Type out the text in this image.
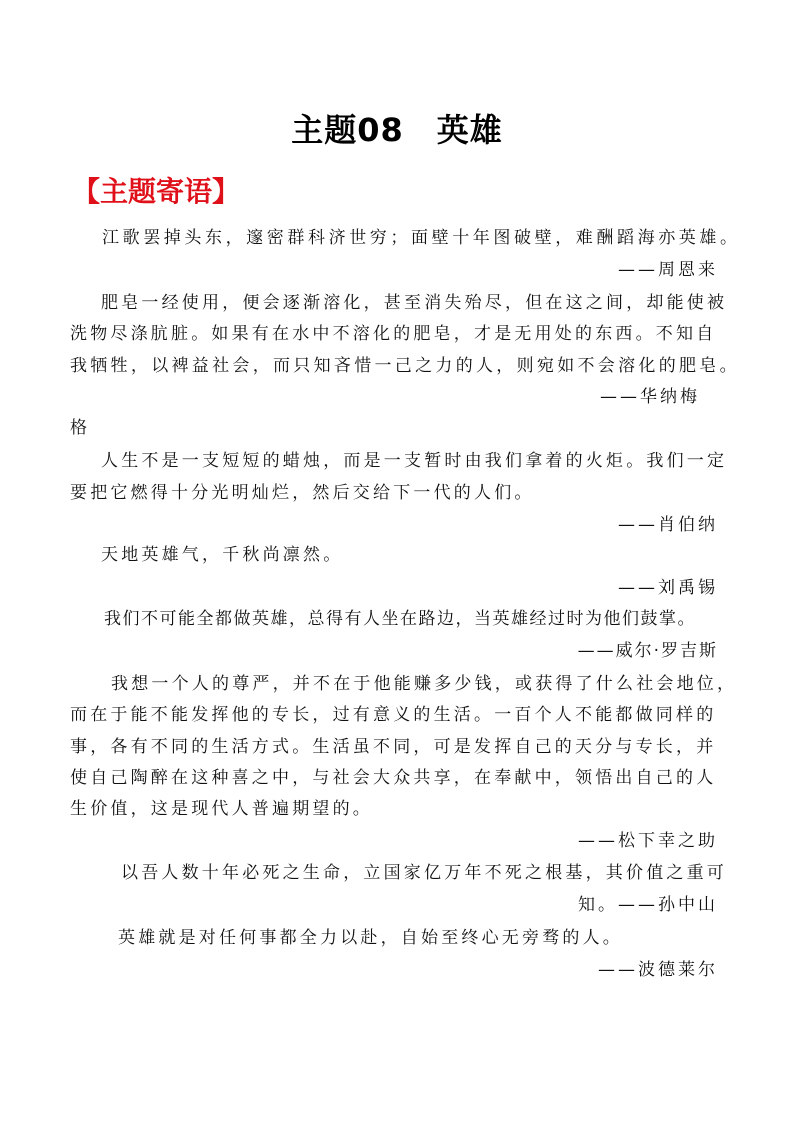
主题08　英雄
【主题寄语】
江歌罢掉头东，邃密群科济世穷；面壁十年图破壁，难酬蹈海亦英雄。
——周恩来
肥皂一经使用，便会逐渐溶化，甚至消失殆尽，但在这之间，却能使被
洗物尽涤肮脏。如果有在水中不溶化的肥皂，才是无用处的东西。不知自
我牺牲，以裨益社会，而只知吝惜一己之力的人，则宛如不会溶化的肥皂。
——华纳梅
格
人生不是一支短短的蜡烛，而是一支暂时由我们拿着的火炬。我们一定
要把它燃得十分光明灿烂，然后交给下一代的人们。
——肖伯纳
天地英雄气，千秋尚凛然。
——刘禹锡
我们不可能全都做英雄，总得有人坐在路边，当英雄经过时为他们鼓掌。
——威尔·罗吉斯
我想一个人的尊严，并不在于他能赚多少钱，或获得了什么社会地位，
而在于能不能发挥他的专长，过有意义的生活。一百个人不能都做同样的
事，各有不同的生活方式。生活虽不同，可是发挥自己的天分与专长，并
使自己陶醉在这种喜之中，与社会大众共享，在奉献中，领悟出自己的人
生价值，这是现代人普遍期望的。
——松下幸之助
以吾人数十年必死之生命，立国家亿万年不死之根基，其价值之重可
知。——孙中山
英雄就是对任何事都全力以赴，自始至终心无旁骛的人。
——波德莱尔
